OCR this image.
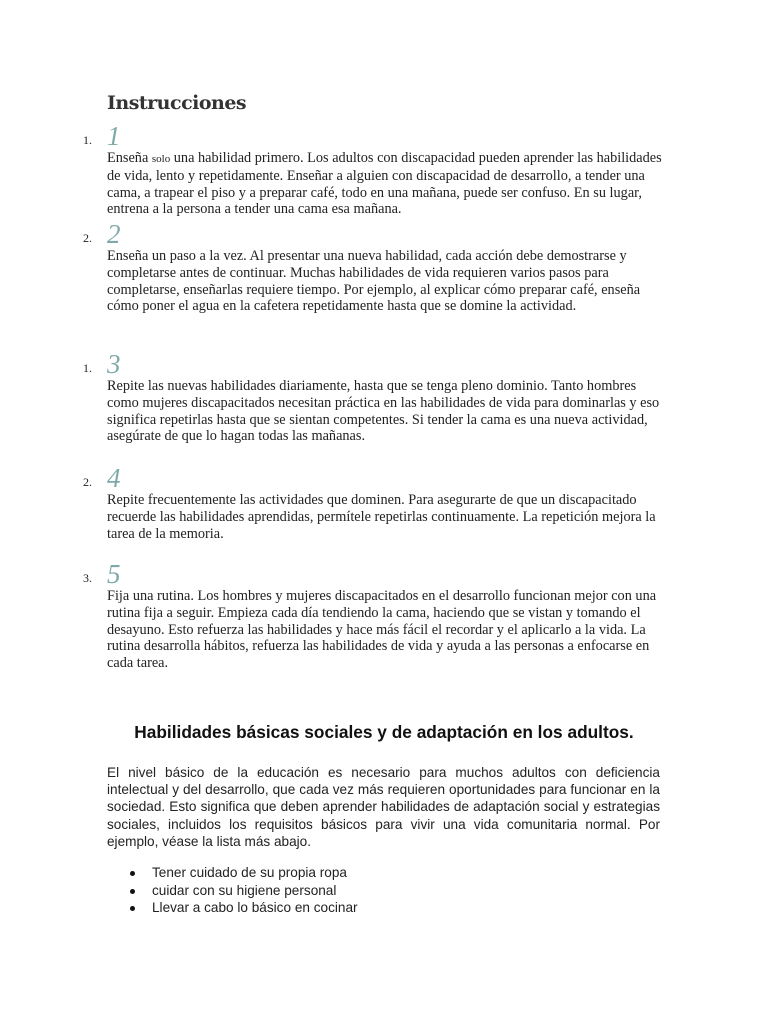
Instrucciones
1. 1
Enseña solo una habilidad primero. Los adultos con discapacidad pueden aprender las habilidades de vida, lento y repetidamente. Enseñar a alguien con discapacidad de desarrollo, a tender una cama, a trapear el piso y a preparar café, todo en una mañana, puede ser confuso. En su lugar, entrena a la persona a tender una cama esa mañana.
2. 2
Enseña un paso a la vez. Al presentar una nueva habilidad, cada acción debe demostrarse y completarse antes de continuar. Muchas habilidades de vida requieren varios pasos para completarse, enseñarlas requiere tiempo. Por ejemplo, al explicar cómo preparar café, enseña cómo poner el agua en la cafetera repetidamente hasta que se domine la actividad.
1. 3
Repite las nuevas habilidades diariamente, hasta que se tenga pleno dominio. Tanto hombres como mujeres discapacitados necesitan práctica en las habilidades de vida para dominarlas y eso significa repetirlas hasta que se sientan competentes. Si tender la cama es una nueva actividad, asegúrate de que lo hagan todas las mañanas.
2. 4
Repite frecuentemente las actividades que dominen. Para asegurarte de que un discapacitado recuerde las habilidades aprendidas, permítele repetirlas continuamente. La repetición mejora la tarea de la memoria.
3. 5
Fija una rutina. Los hombres y mujeres discapacitados en el desarrollo funcionan mejor con una rutina fija a seguir. Empieza cada día tendiendo la cama, haciendo que se vistan y tomando el desayuno. Esto refuerza las habilidades y hace más fácil el recordar y el aplicarlo a la vida. La rutina desarrolla hábitos, refuerza las habilidades de vida y ayuda a las personas a enfocarse en cada tarea.
Habilidades básicas sociales y de adaptación en los adultos.
El nivel básico de la educación es necesario para muchos adultos con deficiencia intelectual y del desarrollo, que cada vez más requieren oportunidades para funcionar en la sociedad. Esto significa que deben aprender habilidades de adaptación social y estrategias sociales, incluidos los requisitos básicos para vivir una vida comunitaria normal. Por ejemplo, véase la lista más abajo.
Tener cuidado de su propia ropa
cuidar con su higiene personal
Llevar a cabo lo básico en cocinar
